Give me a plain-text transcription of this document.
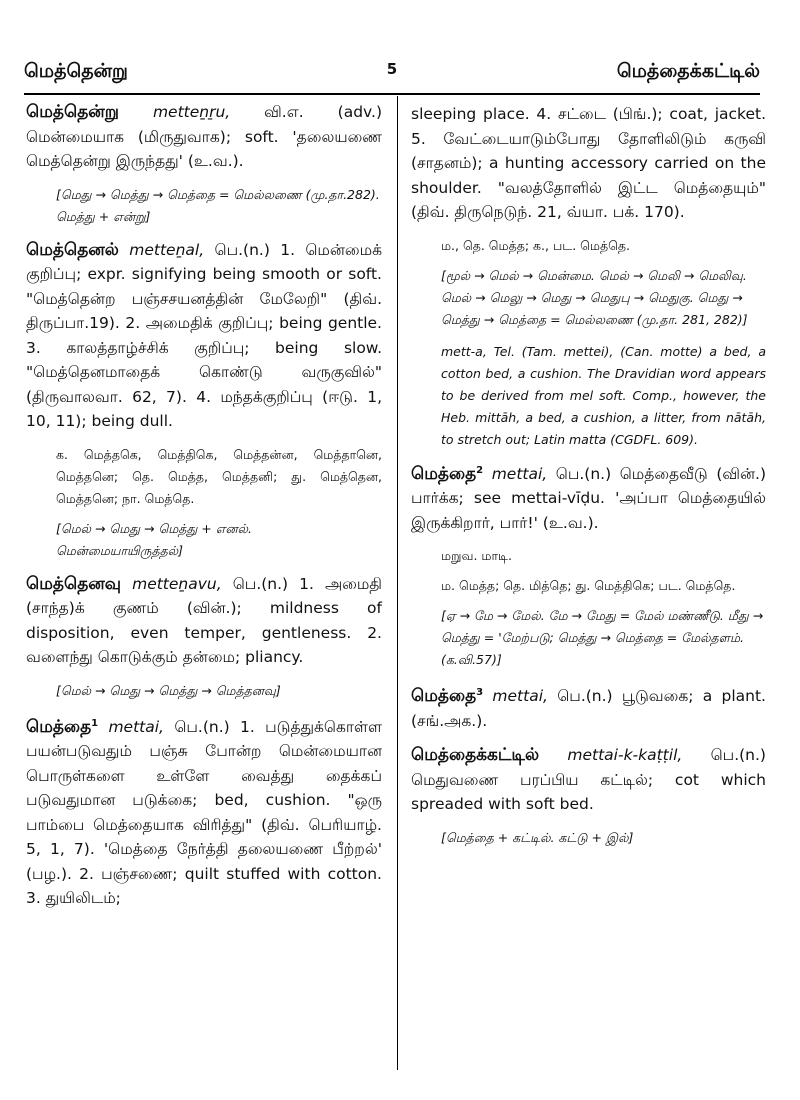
மெத்தென்று	5	மெத்தைக்கட்டில்
மெத்தென்று metteṉṟu, வி.எ. (adv.) மென்மையாக (மிருதுவாக); soft. 'தலையணை மெத்தென்று இருந்தது' (உ.வ.).
[மெது → மெத்து → மெத்தை = மெல்லணை (மு.தா.282). மெத்து + என்று]
மெத்தெனல் metteṉal, பெ.(n.) 1. மென்மைக் குறிப்பு; expr. signifying being smooth or soft. "மெத்தென்ற பஞ்சசயனத்தின் மேலேறி" (திவ். திருப்பா.19). 2. அமைதிக் குறிப்பு; being gentle. 3. காலத்தாழ்ச்சிக் குறிப்பு; being slow. "மெத்தெனமாதைக் கொண்டு வருகுவில்" (திருவாலவா. 62, 7). 4. மந்தக்குறிப்பு (ஈடு. 1, 10, 11); being dull.
க. மெத்தகெ, மெத்திகெ, மெத்தன்ன, மெத்தானெ, மெத்தனெ; தெ. மெத்த, மெத்தனி; து. மெத்தென, மெத்தனெ; நா. மெத்தெ.
[மெல் → மெது → மெத்து + எனல். மென்மையாயிருத்தல்]
மெத்தெனவு metteṉavu, பெ.(n.) 1. அமைதி (சாந்த)க் குணம் (வின்.); mildness of disposition, even temper, gentleness. 2. வளைந்து கொடுக்கும் தன்மை; pliancy.
[மெல் → மெது → மெத்து → மெத்தனவு]
மெத்தை$^1$ mettai, பெ.(n.) 1. படுத்துக்கொள்ள பயன்படுவதும் பஞ்சு போன்ற மென்மையான பொருள்களை உள்ளே வைத்து தைக்கப் படுவதுமான படுக்கை; bed, cushion. "ஒரு பாம்பை மெத்தையாக விரித்து" (திவ். பெரியாழ். 5, 1, 7). 'மெத்தை நேர்த்தி தலையணை பீற்றல்' (பழ.). 2. பஞ்சணை; quilt stuffed with cotton. 3. துயிலிடம்;
sleeping place. 4. சட்டை (பிங்.); coat, jacket. 5. வேட்டையாடும்போது தோளிலிடும் கருவி (சாதனம்); a hunting accessory carried on the shoulder. "வலத்தோளில் இட்ட மெத்தையும்" (திவ். திருநெடுந். 21, வ்யா. பக். 170).
ம., தெ. மெத்த; க., பட. மெத்தெ.
[மூல் → மெல் → மென்மை. மெல் → மெலி → மெலிவு. மெல் → மெலு → மெது → மெதுபு → மெதுகு. மெது → மெத்து → மெத்தை = மெல்லணை (மு.தா. 281, 282)]
mett-a, Tel. (Tam. mettei), (Can. motte) a bed, a cotton bed, a cushion. The Dravidian word appears to be derived from mel soft. Comp., however, the Heb. mittāh, a bed, a cushion, a litter, from nātāh, to stretch out; Latin matta (CGDFL. 609).
மெத்தை$^2$ mettai, பெ.(n.) மெத்தைவீடு (வின்.) பார்க்க; see mettai-vīḍu. 'அப்பா மெத்தையில் இருக்கிறார், பார்!' (உ.வ.).
மறுவ. மாடி.
ம. மெத்த; தெ. மித்தெ; து. மெத்திகெ; பட. மெத்தெ.
[ஏ → மே → மேல். மே → மேது = மேல் மண்ணீடு. மீது → மெத்து = 'மேற்படு; மெத்து → மெத்தை = மேல்தளம். (க.வி.57)]
மெத்தை$^3$ mettai, பெ.(n.) பூடுவகை; a plant. (சங்.அக.).
மெத்தைக்கட்டில் mettai-k-kaṭṭil, பெ.(n.) மெதுவணை பரப்பிய கட்டில்; cot which spreaded with soft bed.
[மெத்தை + கட்டில். கட்டு + இல்]
